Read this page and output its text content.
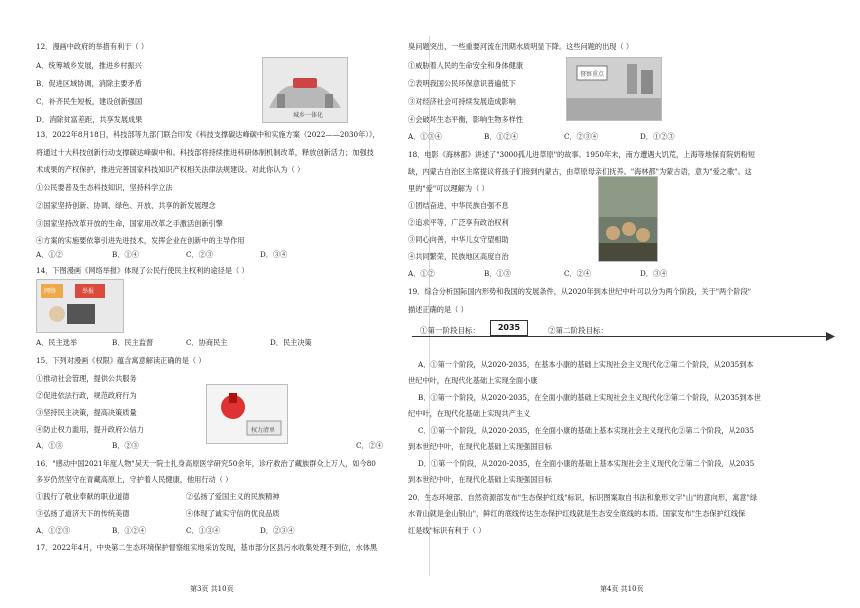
12．漫画中政府的举措有利于（ ）
A．统筹城乡发展，推进乡村振兴
B．促进区域协调，消除主要矛盾
C．补齐民生短板，建设创新强国
D．消除贫富差距，共享发展成果	城乡一体化
13．2022年8月18日，科技部等九部门联合印发《科技支撑碳达峰碳中和实施方案（2022——2030年）》，
将通过十大科技创新行动支撑碳达峰碳中和。科技部将持续推进科研体制机制改革，释放创新活力；加强技
术成果的产权保护，推进完善国家科技知识产权相关法律法规建设。对此你认为（ ）
①公民要普及生态科技知识，坚持科学立法
②国家坚持创新、协调、绿色、开放、共享的新发展理念
③国家坚持改革开放的生命，国家用改革之手激活创新引擎
④方案的实施要依靠引进先进技术，发挥企业在创新中的主导作用
A．①②	B．①④	C．②③	D．③④
14．下图漫画《网络举报》体现了公民行使民主权利的途径是（ ）
网络	举报
A．民主选举	B．民主监督	C．协商民主	D．民主决策
15．下列对漫画《权限》蕴含寓意解读正确的是（ ）
①推动社会管理，提供公共服务
②促进依法行政，规范政府行为
③坚持民主决策，提高决策质量
④防止权力滥用，提升政府公信力
A．①③	B．②③	C．②④
权力清单
16．"感动中国2021年度人物"吴天一院士扎身高原医学研究50余年，诊疗救治了藏族群众上万人，如今80
多岁仍然坚守在青藏高原上，守护着人民健康，他用行动（ ）
①践行了敬业奉献的职业道德	②弘扬了爱国主义的民族精神
③弘扬了道济天下的传统美德	④体现了诚实守信的优良品质
A．①②③	B．①②④	C．①③④	D．②③④
17．2022年4月，中央第二生态环境保护督察组实地采访发现，基市部分区县污水收集处理不到位，水体黑
第3页 共10页
臭问题突出，一些重要河流在汛期水质明显下降。这些问题的出现（ ）
①威胁着人民的生命安全和身体健康
②表明我国公民环保意识普遍低下
③对经济社会可持续发展造成影响
④会破坏生态平衡，影响生物多样性
督察重点
A．①③④	B．①②④	C．②③④	D．①②③
18．电影《海林都》讲述了"3000孤儿进草原"的故事。1950年末，南方遭遇大饥荒，上海等地保育院奶粉短
缺，内蒙古自治区主席提议将孩子们接到内蒙古，由草原母亲们抚养。"海林都"为蒙古语，意为"爱之歌"。这
里的"爱"可以理解为（ ）
①团结奋进，中华民族自强不息
②追求平等，广泛享有政治权利
③同心向善，中华儿女守望相助
④共同繁荣，民族地区高度自治
A．①②	B．①③	C．②④	D．③④
19．综合分析国际国内形势和我国的发展条件，从2020年到本世纪中叶可以分为两个阶段，关于"两个阶段"
描述正确的是（ ）
①第一阶段目标：	2035	②第二阶段目标：
A．①第一个阶段，从2020-2035，在基本小康的基础上实现社会主义现代化②第二个阶段，从2035到本
世纪中叶，在现代化基础上实现全面小康
B．①第一个阶段，从2020-2035，在全面小康的基础上实现社会主义现代化②第二个阶段，从2035到本世
纪中叶，在现代化基础上实现共产主义
C．①第一个阶段，从2020-2035，在全面小康的基础上基本实现社会主义现代化②第二个阶段，从2035
到本世纪中叶，在现代化基础上实现强国目标
D．①第一个阶段，从2020-2035，在全面小康的基础上基本实现社会主义现代化②第二个阶段，从2035
到本世纪中叶，在现代化基础上实现强国目标
20．生态环境部、自然资源部发布"生态保护红线"标识，标识图案取自书法和象形文字"山"的意向形，寓意"绿
水青山就是金山银山"，鲜红的底线传达生态保护红线就是生态安全底线的本质。国家发布"生态保护红线保
红是线"标识有利于（ ）
第4页 共10页
